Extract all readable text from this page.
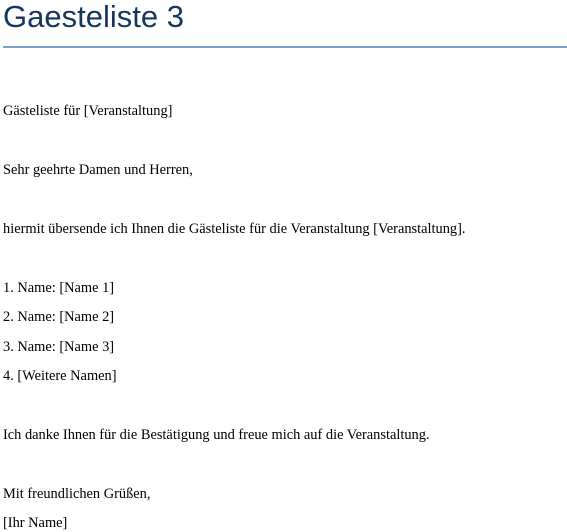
Gaesteliste 3

Gästeliste für [Veranstaltung]

Sehr geehrte Damen und Herren,

hiermit übersende ich Ihnen die Gästeliste für die Veranstaltung [Veranstaltung].

1. Name: [Name 1]

2. Name: [Name 2]

3. Name: [Name 3]

4. [Weitere Namen]

Ich danke Ihnen für die Bestätigung und freue mich auf die Veranstaltung.

Mit freundlichen Grüßen,

[Ihr Name]
